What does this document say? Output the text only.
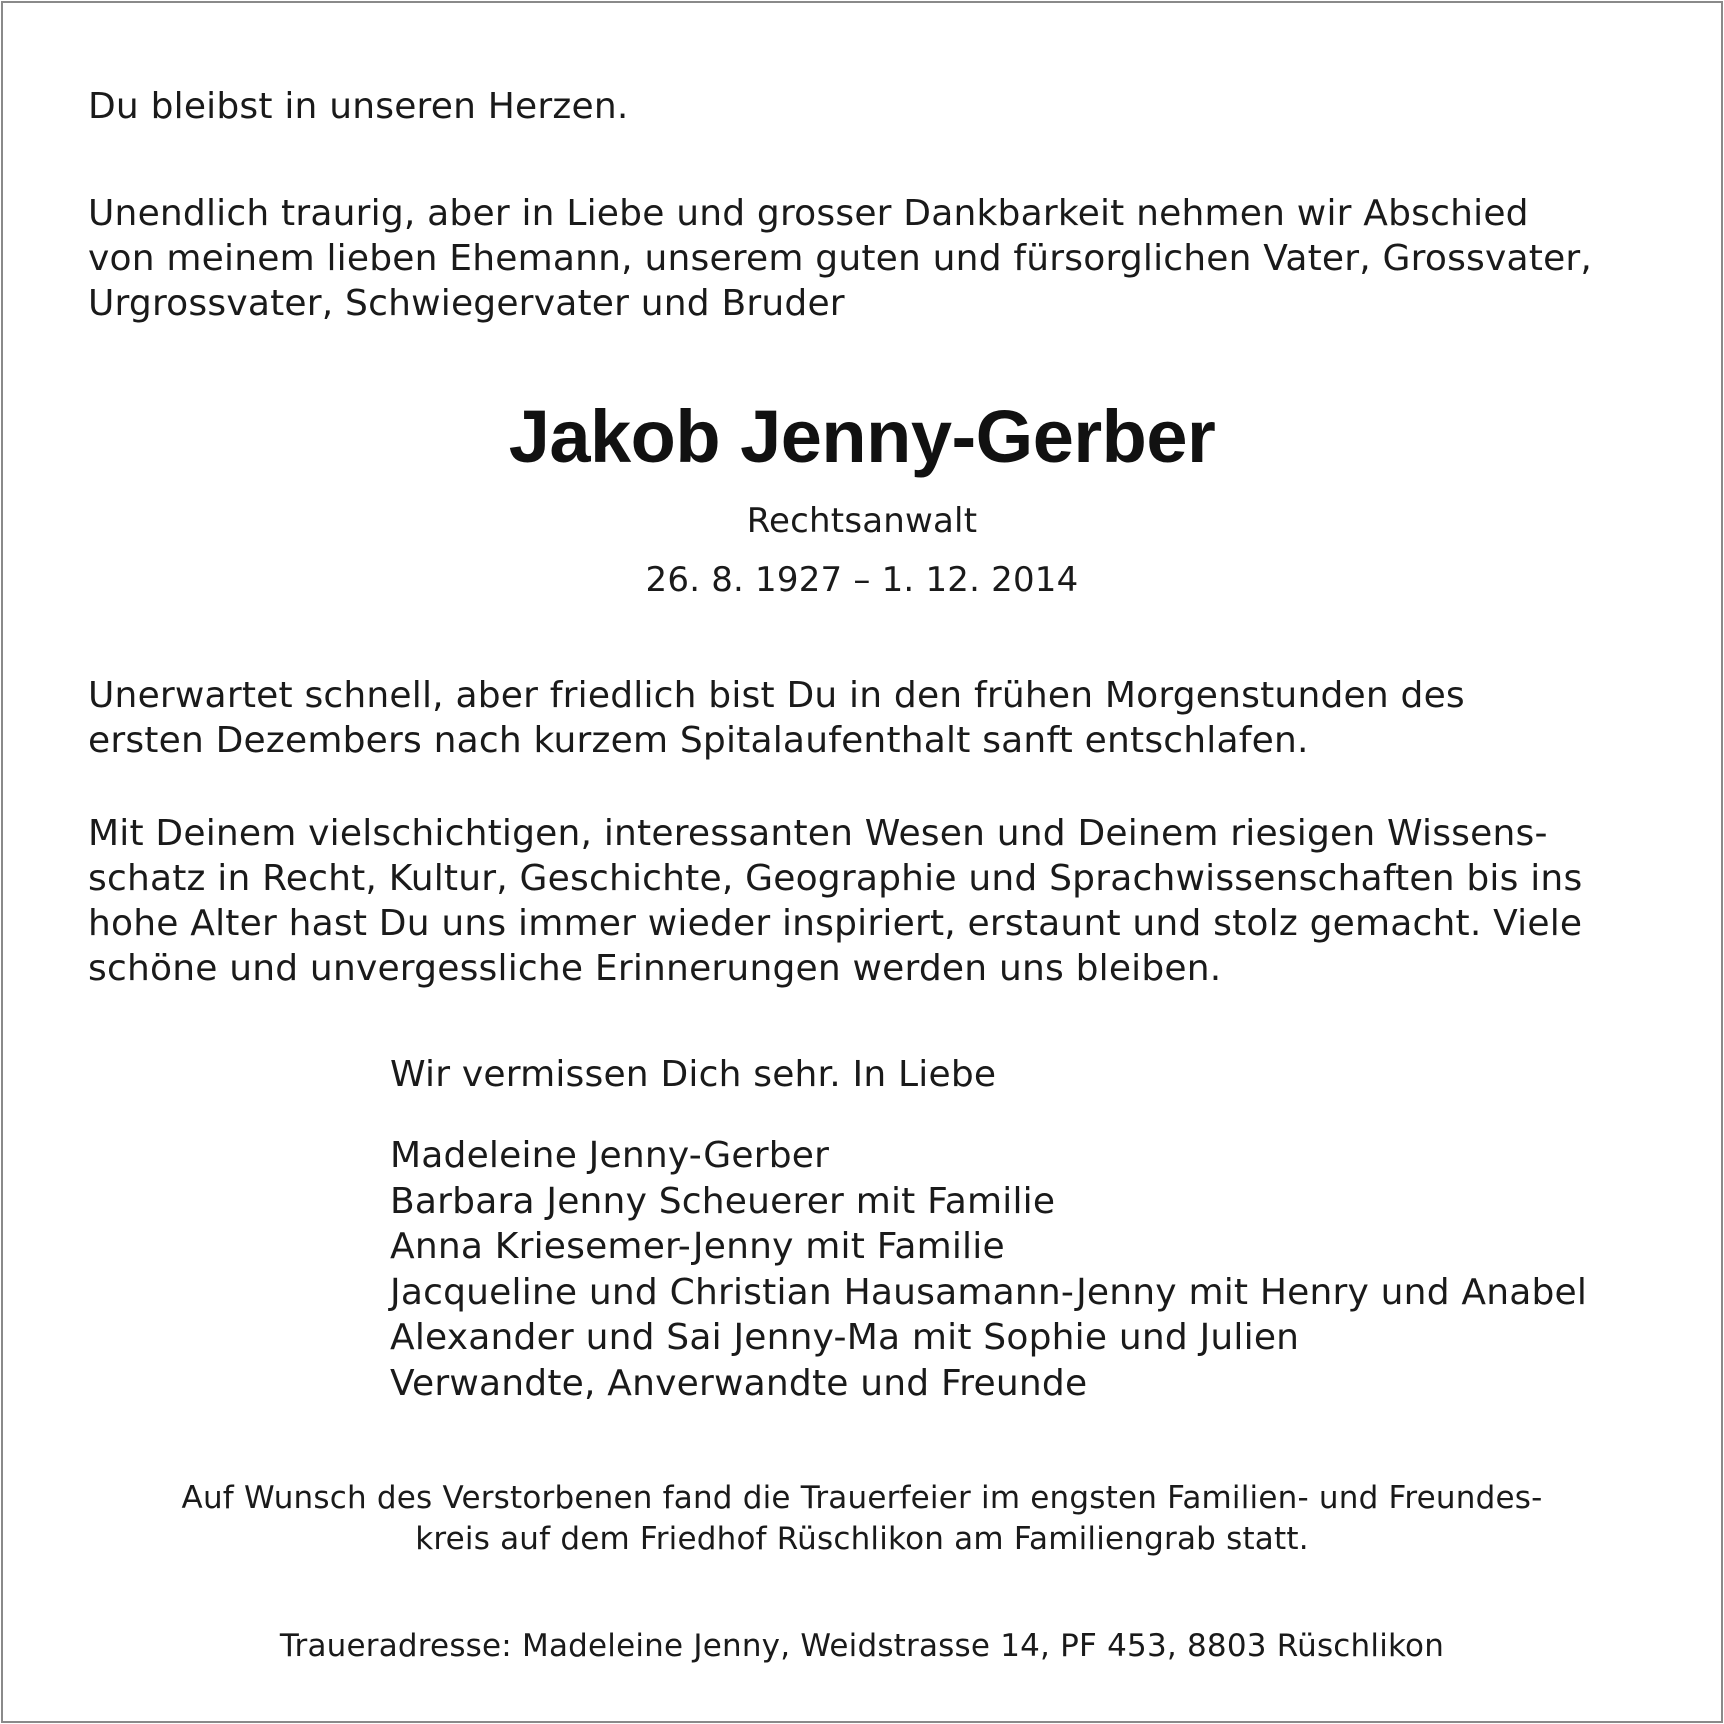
Du bleibst in unseren Herzen.
Unendlich traurig, aber in Liebe und grosser Dankbarkeit nehmen wir Abschied
von meinem lieben Ehemann, unserem guten und fürsorglichen Vater, Grossvater,
Urgrossvater, Schwiegervater und Bruder
Jakob Jenny-Gerber
Rechtsanwalt
26. 8. 1927 – 1. 12. 2014
Unerwartet schnell, aber friedlich bist Du in den frühen Morgenstunden des
ersten Dezembers nach kurzem Spitalaufenthalt sanft entschlafen.
Mit Deinem vielschichtigen, interessanten Wesen und Deinem riesigen Wissens-
schatz in Recht, Kultur, Geschichte, Geographie und Sprachwissenschaften bis ins
hohe Alter hast Du uns immer wieder inspiriert, erstaunt und stolz gemacht. Viele
schöne und unvergessliche Erinnerungen werden uns bleiben.
Wir vermissen Dich sehr. In Liebe
Madeleine Jenny-Gerber
Barbara Jenny Scheuerer mit Familie
Anna Kriesemer-Jenny mit Familie
Jacqueline und Christian Hausamann-Jenny mit Henry und Anabel
Alexander und Sai Jenny-Ma mit Sophie und Julien
Verwandte, Anverwandte und Freunde
Auf Wunsch des Verstorbenen fand die Trauerfeier im engsten Familien- und Freundes-
kreis auf dem Friedhof Rüschlikon am Familiengrab statt.
Traueradresse: Madeleine Jenny, Weidstrasse 14, PF 453, 8803 Rüschlikon
